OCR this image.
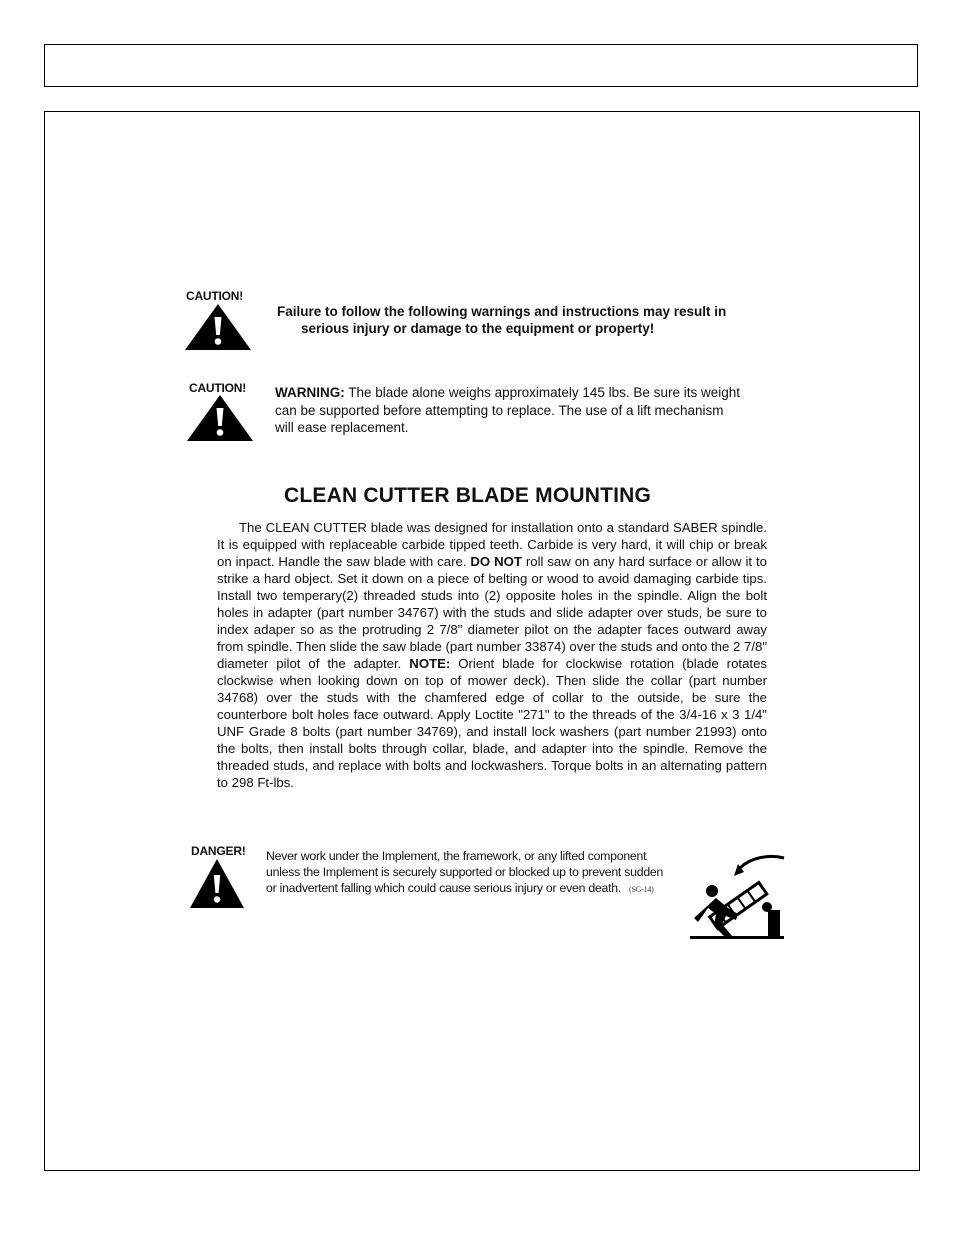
CAUTION!
Failure to follow the following warnings and instructions may result in
serious injury or damage to the equipment or property!
CAUTION! WARNING: The blade alone weighs approximately 145 lbs. Be sure its weight can be supported before attempting to replace. The use of a lift mechanism will ease replacement.
CLEAN CUTTER BLADE MOUNTING
The CLEAN CUTTER blade was designed for installation onto a standard SABER spindle. It is equipped with replaceable carbide tipped teeth. Carbide is very hard, it will chip or break on inpact. Handle the saw blade with care. DO NOT roll saw on any hard surface or allow it to strike a hard object. Set it down on a piece of belting or wood to avoid damaging carbide tips. Install two temperary(2) threaded studs into (2) opposite holes in the spindle. Align the bolt holes in adapter (part number 34767) with the studs and slide adapter over studs, be sure to index adaper so as the protruding 2 7/8" diameter pilot on the adapter faces outward away from spindle. Then slide the saw blade (part number 33874) over the studs and onto the 2 7/8" diameter pilot of the adapter. NOTE: Orient blade for clockwise rotation (blade rotates clockwise when looking down on top of mower deck). Then slide the collar (part number 34768) over the studs with the chamfered edge of collar to the outside, be sure the counterbore bolt holes face outward. Apply Loctite "271" to the threads of the 3/4-16 x 3 1/4" UNF Grade 8 bolts (part number 34769), and install lock washers (part number 21993) onto the bolts, then install bolts through collar, blade, and adapter into the spindle. Remove the threaded studs, and replace with bolts and lockwashers. Torque bolts in an alternating pattern to 298 Ft-lbs.
DANGER! Never work under the Implement, the framework, or any lifted component unless the Implement is securely supported or blocked up to prevent sudden or inadvertent falling which could cause serious injury or even death. (SG-14)
